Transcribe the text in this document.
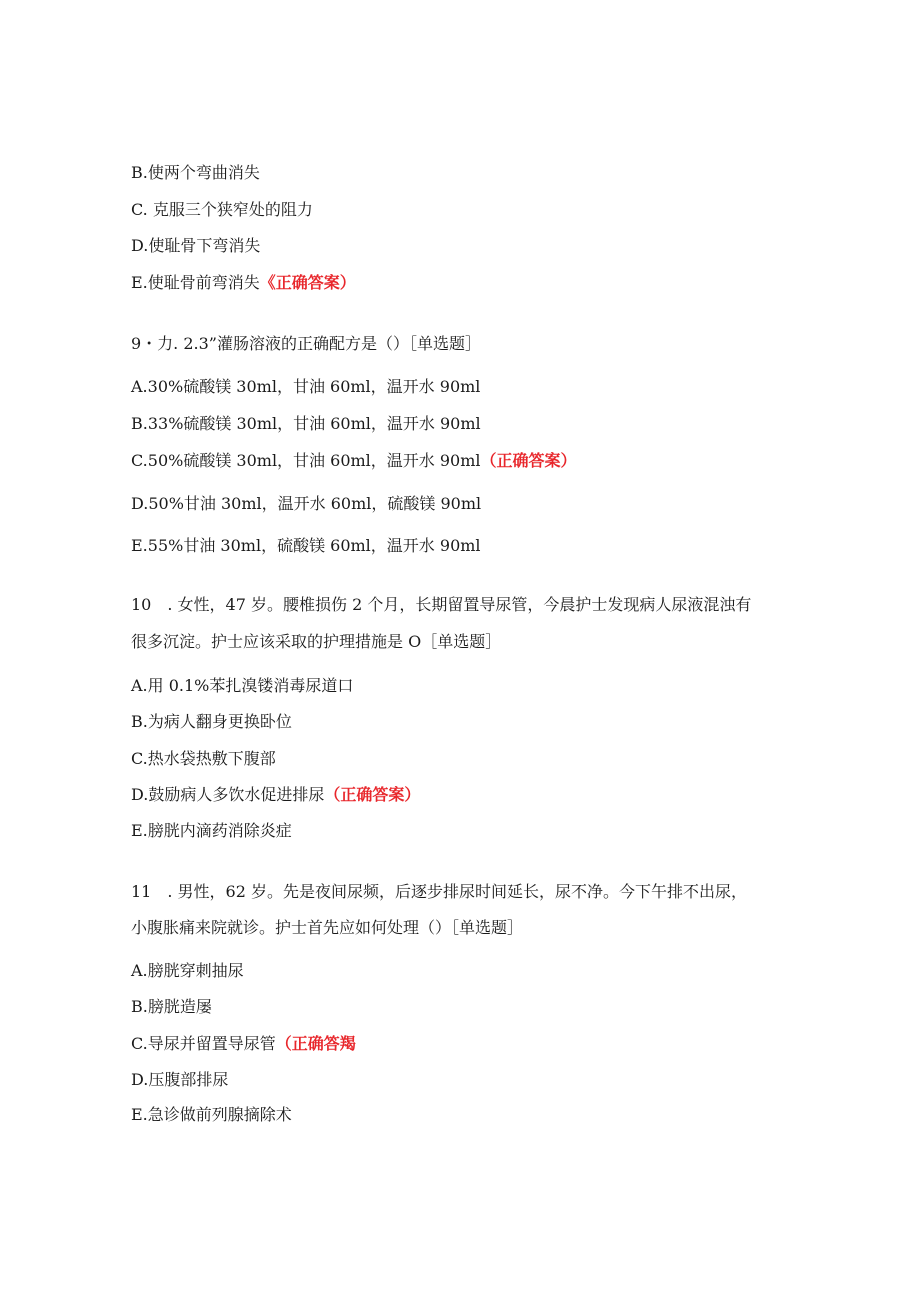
B.使两个弯曲消失
C. 克服三个狭窄处的阻力
D.使耻骨下弯消失
E.使耻骨前弯消失《正确答案）
9・力. 2.3”灌肠溶液的正确配方是（）［单选题］
A.30%硫酸镁 30ml，甘油 60ml，温开水 90ml
B.33%硫酸镁 30ml，甘油 60ml，温开水 90ml
C.50%硫酸镁 30ml，甘油 60ml，温开水 90ml（正确答案）
D.50%甘油 30ml，温开水 60ml，硫酸镁 90ml
E.55%甘油 30ml，硫酸镁 60ml，温开水 90ml
10　. 女性，47 岁。腰椎损伤 2 个月，长期留置导尿管，今晨护士发现病人尿液混浊有
很多沉淀。护士应该采取的护理措施是 O［单选题］
A.用 0.1%苯扎溴镂消毒尿道口
B.为病人翻身更换卧位
C.热水袋热敷下腹部
D.鼓励病人多饮水促进排尿（正确答案）
E.膀胱内滴药消除炎症
11　. 男性，62 岁。先是夜间尿频，后逐步排尿时间延长，尿不净。今下午排不出尿，
小腹胀痛来院就诊。护士首先应如何处理（）［单选题］
A.膀胱穿刺抽尿
B.膀胱造屡
C.导尿并留置导尿管（正确答羯
D.压腹部排尿
E.急诊做前列腺摘除术
